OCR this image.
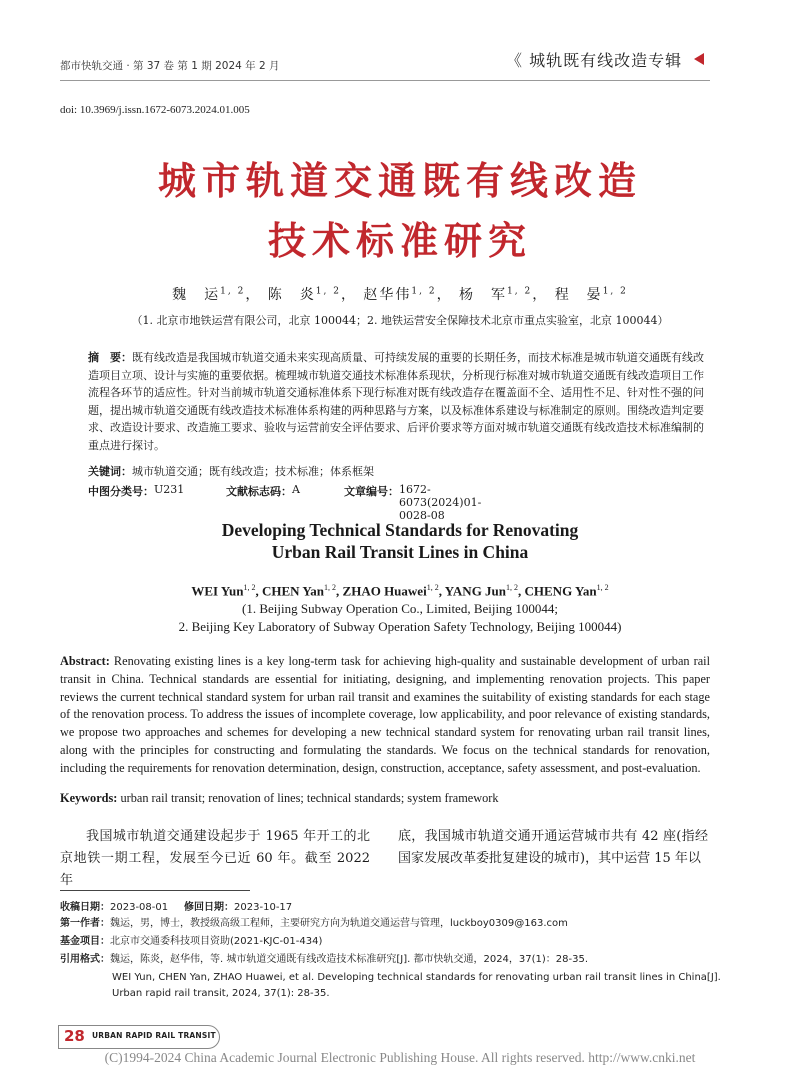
都市快轨交通 · 第 37 卷 第 1 期 2024 年 2 月	《 城轨既有线改造专辑
doi: 10.3969/j.issn.1672-6073.2024.01.005
城市轨道交通既有线改造
技术标准研究
魏　运$^{1, 2}$， 陈　炎$^{1, 2}$， 赵华伟$^{1, 2}$， 杨　军$^{1, 2}$， 程　晏$^{1, 2}$
（1. 北京市地铁运营有限公司，北京 100044；2. 地铁运营安全保障技术北京市重点实验室，北京 100044）
摘　要：既有线改造是我国城市轨道交通未来实现高质量、可持续发展的重要的长期任务，而技术标准是城市轨道交通既有线改造项目立项、设计与实施的重要依据。梳理城市轨道交通技术标准体系现状，分析现行标准对城市轨道交通既有线改造项目工作流程各环节的适应性。针对当前城市轨道交通标准体系下现行标准对既有线改造存在覆盖面不全、适用性不足、针对性不强的问题，提出城市轨道交通既有线改造技术标准体系构建的两种思路与方案，以及标准体系建设与标准制定的原则。围绕改造判定要求、改造设计要求、改造施工要求、验收与运营前安全评估要求、后评价要求等方面对城市轨道交通既有线改造技术标准编制的重点进行探讨。
关键词：城市轨道交通；既有线改造；技术标准；体系框架
中图分类号： U231	文献标志码： A	文章编号： 1672-6073(2024)01-0028-08
Developing Technical Standards for Renovating
Urban Rail Transit Lines in China
WEI Yun$^{1, 2}$, CHEN Yan$^{1, 2}$, ZHAO Huawei$^{1, 2}$, YANG Jun$^{1, 2}$, CHENG Yan$^{1, 2}$
(1. Beijing Subway Operation Co., Limited, Beijing 100044;
2. Beijing Key Laboratory of Subway Operation Safety Technology, Beijing 100044)
Abstract: Renovating existing lines is a key long-term task for achieving high-quality and sustainable development of urban rail transit in China. Technical standards are essential for initiating, designing, and implementing renovation projects. This paper reviews the current technical standard system for urban rail transit and examines the suitability of existing standards for each stage of the renovation process. To address the issues of incomplete coverage, low applicability, and poor relevance of existing standards, we propose two approaches and schemes for developing a new technical standard system for renovating urban rail transit lines, along with the principles for constructing and formulating the standards. We focus on the technical standards for renovation, including the requirements for renovation determination, design, construction, acceptance, safety assessment, and post-evaluation.
Keywords: urban rail transit; renovation of lines; technical standards; system framework
我国城市轨道交通建设起步于 1965 年开工的北京地铁一期工程，发展至今已近 60 年。截至 2022 年
底，我国城市轨道交通开通运营城市共有 42 座(指经国家发展改革委批复建设的城市)，其中运营 15 年以
收稿日期：2023-08-01 修回日期：2023-10-17
第一作者：魏运，男，博士，教授级高级工程师，主要研究方向为轨道交通运营与管理，luckboy0309@163.com
基金项目：北京市交通委科技项目资助(2021-KJC-01-434)
引用格式：魏运，陈炎，赵华伟，等. 城市轨道交通既有线改造技术标准研究[J]. 都市快轨交通，2024，37(1)：28-35.
WEI Yun, CHEN Yan, ZHAO Huawei, et al. Developing technical standards for renovating urban rail transit lines in China[J].
Urban rapid rail transit, 2024, 37(1): 28-35.
28 URBAN RAPID RAIL TRANSIT
(C)1994-2024 China Academic Journal Electronic Publishing House. All rights reserved. http://www.cnki.net
